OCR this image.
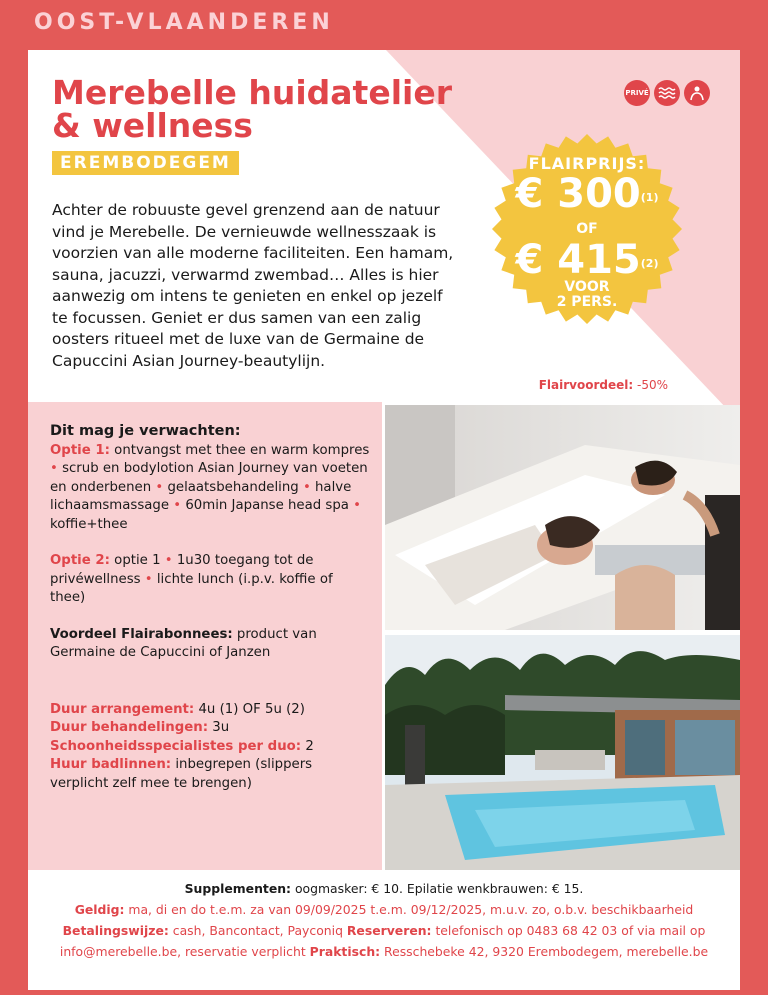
OOST-VLAANDEREN
Merebelle huidatelier
& wellness
EREMBODEGEM
Achter de robuuste gevel grenzend aan de natuur vind je Merebelle. De vernieuwde wellnesszaak is voorzien van alle moderne faciliteiten. Een hamam, sauna, jacuzzi, verwarmd zwembad… Alles is hier aanwezig om intens te genieten en enkel op jezelf te focussen. Geniet er dus samen van een zalig oosters ritueel met de luxe van de Germaine de Capuccini Asian Journey-beautylijn.
PRIVÉ
FLAIRPRIJS:
€ 300$^{(1)}$
OF
€ 415$^{(2)}$
VOOR
2 PERS.
Flairvoordeel: -50%
Dit mag je verwachten:

Optie 1: ontvangst met thee en warm kompres • scrub en bodylotion Asian Journey van voeten en onderbenen • gelaatsbehandeling • halve lichaamsmassage • 60min Japanse head spa • koffie+thee

Optie 2: optie 1 • 1u30 toegang tot de privéwellness • lichte lunch (i.p.v. koffie of thee)

Voordeel Flairabonnees: product van Germaine de Capuccini of Janzen

Duur arrangement: 4u (1) OF 5u (2)
Duur behandelingen: 3u
Schoonheidsspecialistes per duo: 2
Huur badlinnen: inbegrepen (slippers verplicht zelf mee te brengen)
Supplementen: oogmasker: € 10. Epilatie wenkbrauwen: € 15.
Geldig: ma, di en do t.e.m. za van 09/09/2025 t.e.m. 09/12/2025, m.u.v. zo, o.b.v. beschikbaarheid
Betalingswijze: cash, Bancontact, Payconiq Reserveren: telefonisch op 0483 68 42 03 of via mail op info@merebelle.be, reservatie verplicht Praktisch: Resschebeke 42, 9320 Erembodegem, merebelle.be
